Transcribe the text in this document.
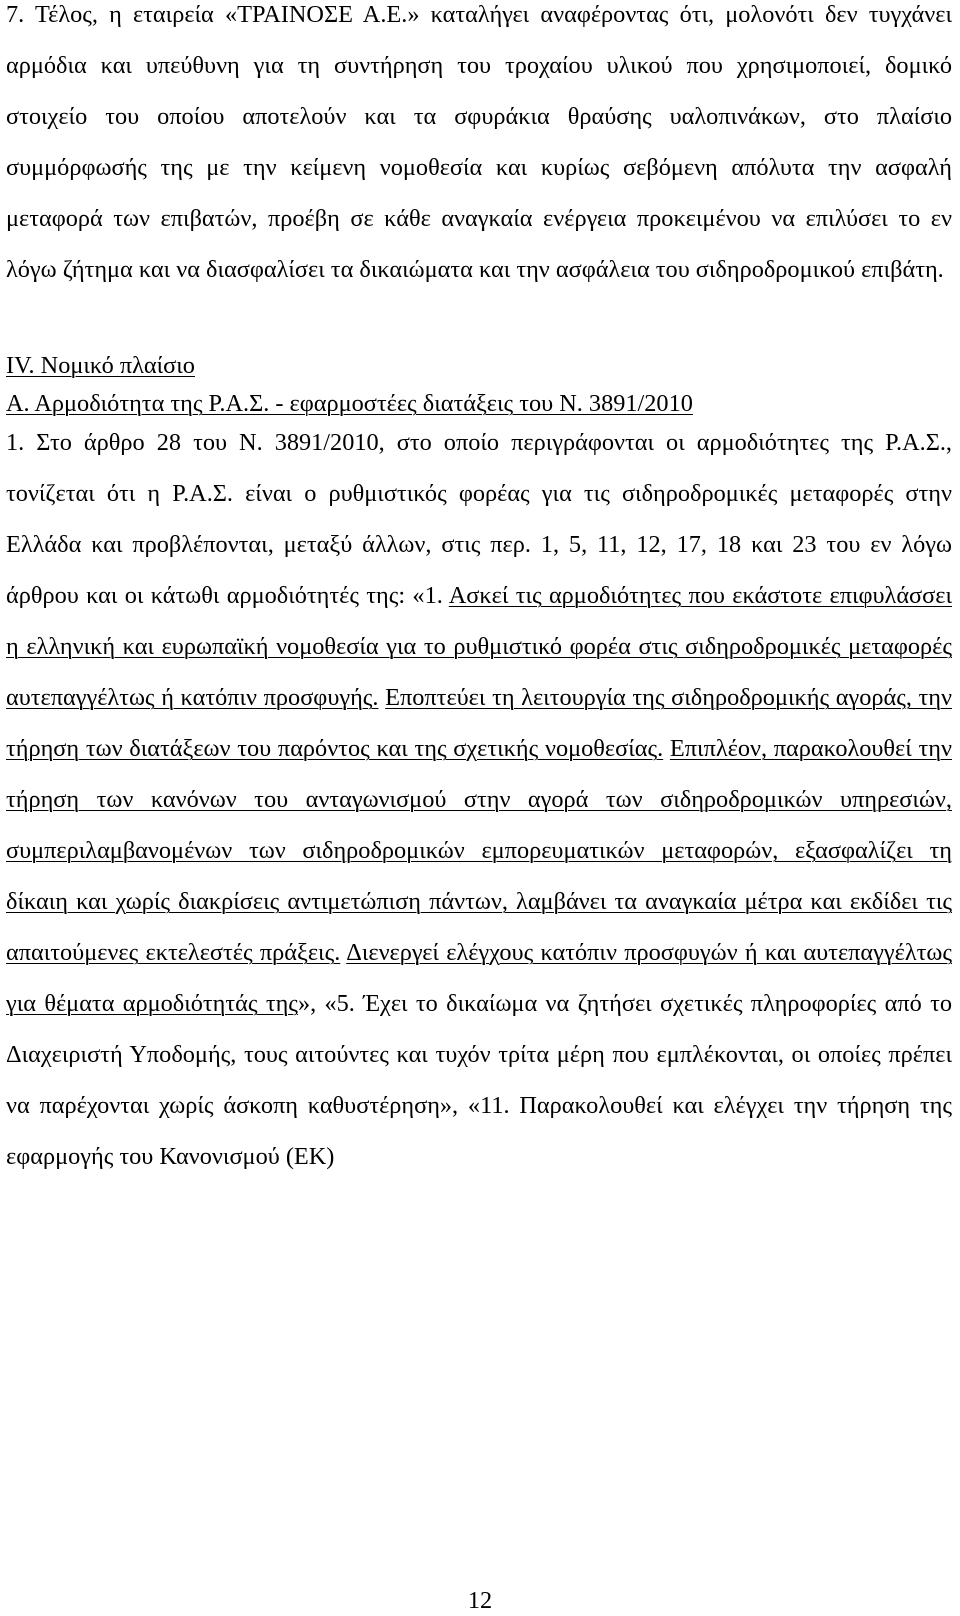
7. Τέλος, η εταιρεία «ΤΡΑΙΝΟΣΕ Α.Ε.» καταλήγει αναφέροντας ότι, μολονότι δεν τυγχάνει αρμόδια και υπεύθυνη για τη συντήρηση του τροχαίου υλικού που χρησιμοποιεί, δομικό στοιχείο του οποίου αποτελούν και τα σφυράκια θραύσης υαλοπινάκων, στο πλαίσιο συμμόρφωσής της με την κείμενη νομοθεσία και κυρίως σεβόμενη απόλυτα την ασφαλή μεταφορά των επιβατών, προέβη σε κάθε αναγκαία ενέργεια προκειμένου να επιλύσει το εν λόγω ζήτημα και να διασφαλίσει τα δικαιώματα και την ασφάλεια του σιδηροδρομικού επιβάτη.

IV. Νομικό πλαίσιο

Α. Αρμοδιότητα της Ρ.Α.Σ. - εφαρμοστέες διατάξεις του Ν. 3891/2010

1. Στο άρθρο 28 του Ν. 3891/2010, στο οποίο περιγράφονται οι αρμοδιότητες της Ρ.Α.Σ., τονίζεται ότι η Ρ.Α.Σ. είναι ο ρυθμιστικός φορέας για τις σιδηροδρομικές μεταφορές στην Ελλάδα και προβλέπονται, μεταξύ άλλων, στις περ. 1, 5, 11, 12, 17, 18 και 23 του εν λόγω άρθρου και οι κάτωθι αρμοδιότητές της: «1. Ασκεί τις αρμοδιότητες που εκάστοτε επιφυλάσσει η ελληνική και ευρωπαϊκή νομοθεσία για το ρυθμιστικό φορέα στις σιδηροδρομικές μεταφορές αυτεπαγγέλτως ή κατόπιν προσφυγής. Εποπτεύει τη λειτουργία της σιδηροδρομικής αγοράς, την τήρηση των διατάξεων του παρόντος και της σχετικής νομοθεσίας. Επιπλέον, παρακολουθεί την τήρηση των κανόνων του ανταγωνισμού στην αγορά των σιδηροδρομικών υπηρεσιών, συμπεριλαμβανομένων των σιδηροδρομικών εμπορευματικών μεταφορών, εξασφαλίζει τη δίκαιη και χωρίς διακρίσεις αντιμετώπιση πάντων, λαμβάνει τα αναγκαία μέτρα και εκδίδει τις απαιτούμενες εκτελεστές πράξεις. Διενεργεί ελέγχους κατόπιν προσφυγών ή και αυτεπαγγέλτως για θέματα αρμοδιότητάς της», «5. Έχει το δικαίωμα να ζητήσει σχετικές πληροφορίες από το Διαχειριστή Υποδομής, τους αιτούντες και τυχόν τρίτα μέρη που εμπλέκονται, οι οποίες πρέπει να παρέχονται χωρίς άσκοπη καθυστέρηση», «11. Παρακολουθεί και ελέγχει την τήρηση της εφαρμογής του Κανονισμού (ΕΚ)

12
